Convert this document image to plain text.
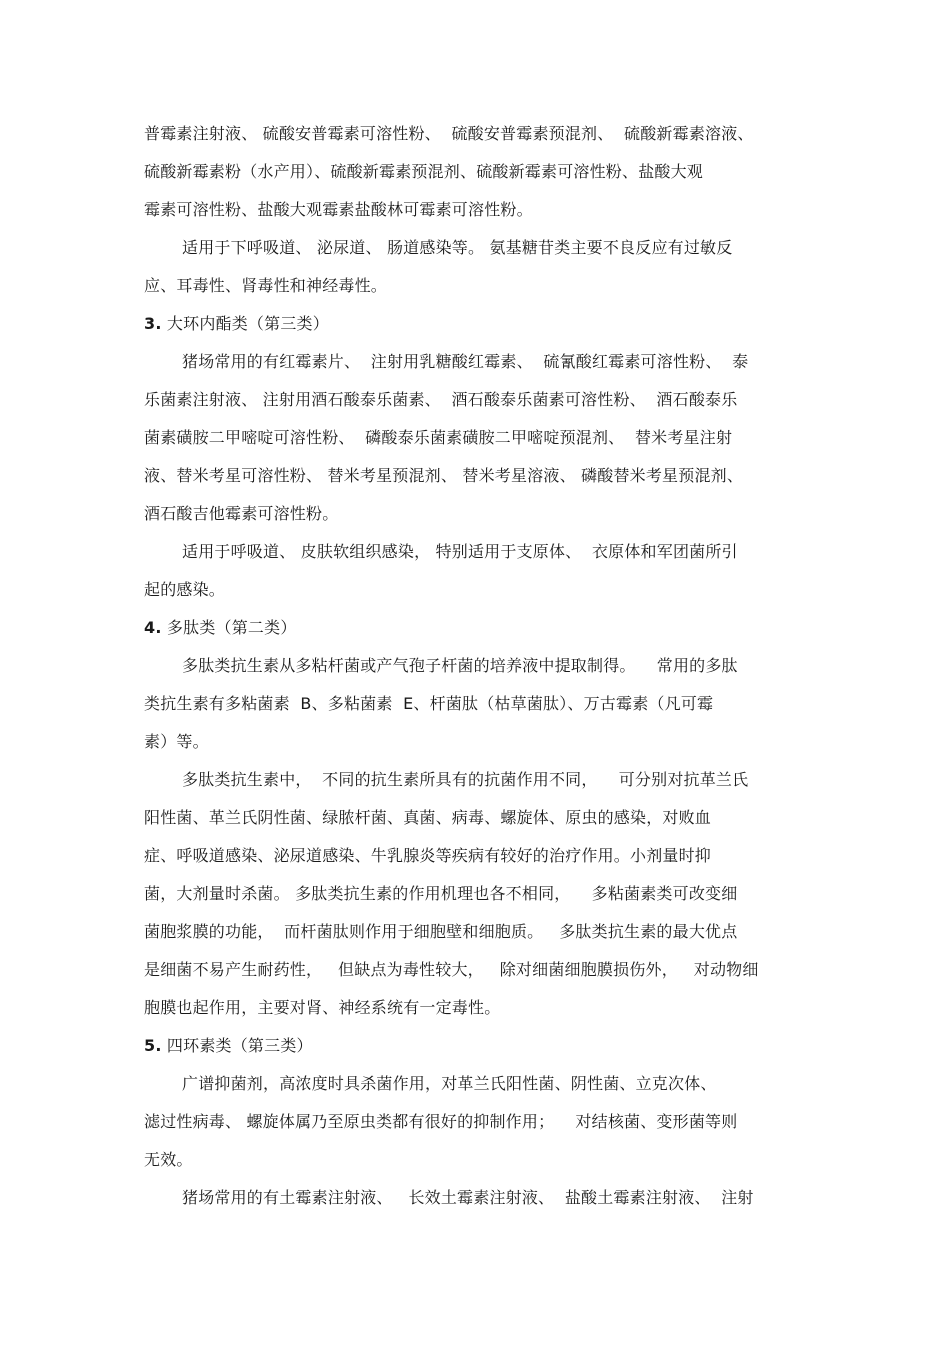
普霉素注射液、 硫酸安普霉素可溶性粉、  硫酸安普霉素预混剂、  硫酸新霉素溶液、
硫酸新霉素粉（水产用）、硫酸新霉素预混剂、硫酸新霉素可溶性粉、盐酸大观
霉素可溶性粉、盐酸大观霉素盐酸林可霉素可溶性粉。
适用于下呼吸道、 泌尿道、 肠道感染等。 氨基糖苷类主要不良反应有过敏反
应、耳毒性、肾毒性和神经毒性。
3. 大环内酯类（第三类）
猪场常用的有红霉素片、  注射用乳糖酸红霉素、  硫氰酸红霉素可溶性粉、  泰
乐菌素注射液、 注射用酒石酸泰乐菌素、  酒石酸泰乐菌素可溶性粉、  酒石酸泰乐
菌素磺胺二甲嘧啶可溶性粉、  磷酸泰乐菌素磺胺二甲嘧啶预混剂、  替米考星注射
液、替米考星可溶性粉、 替米考星预混剂、 替米考星溶液、 磷酸替米考星预混剂、
酒石酸吉他霉素可溶性粉。
适用于呼吸道、 皮肤软组织感染， 特别适用于支原体、  衣原体和军团菌所引
起的感染。
4. 多肽类（第二类）
多肽类抗生素从多粘杆菌或产气孢子杆菌的培养液中提取制得。    常用的多肽
类抗生素有多粘菌素  B、多粘菌素  E、杆菌肽（枯草菌肽）、万古霉素（凡可霉
素）等。
多肽类抗生素中，  不同的抗生素所具有的抗菌作用不同，    可分别对抗革兰氏
阳性菌、革兰氏阴性菌、绿脓杆菌、真菌、病毒、螺旋体、原虫的感染，对败血
症、呼吸道感染、泌尿道感染、牛乳腺炎等疾病有较好的治疗作用。小剂量时抑
菌，大剂量时杀菌。 多肽类抗生素的作用机理也各不相同，    多粘菌素类可改变细
菌胞浆膜的功能，  而杆菌肽则作用于细胞壁和细胞质。   多肽类抗生素的最大优点
是细菌不易产生耐药性，   但缺点为毒性较大，   除对细菌细胞膜损伤外，   对动物细
胞膜也起作用，主要对肾、神经系统有一定毒性。
5. 四环素类（第三类）
广谱抑菌剂，高浓度时具杀菌作用，对革兰氏阳性菌、阴性菌、立克次体、
滤过性病毒、 螺旋体属乃至原虫类都有很好的抑制作用；    对结核菌、变形菌等则
无效。
猪场常用的有土霉素注射液、   长效土霉素注射液、  盐酸土霉素注射液、  注射
